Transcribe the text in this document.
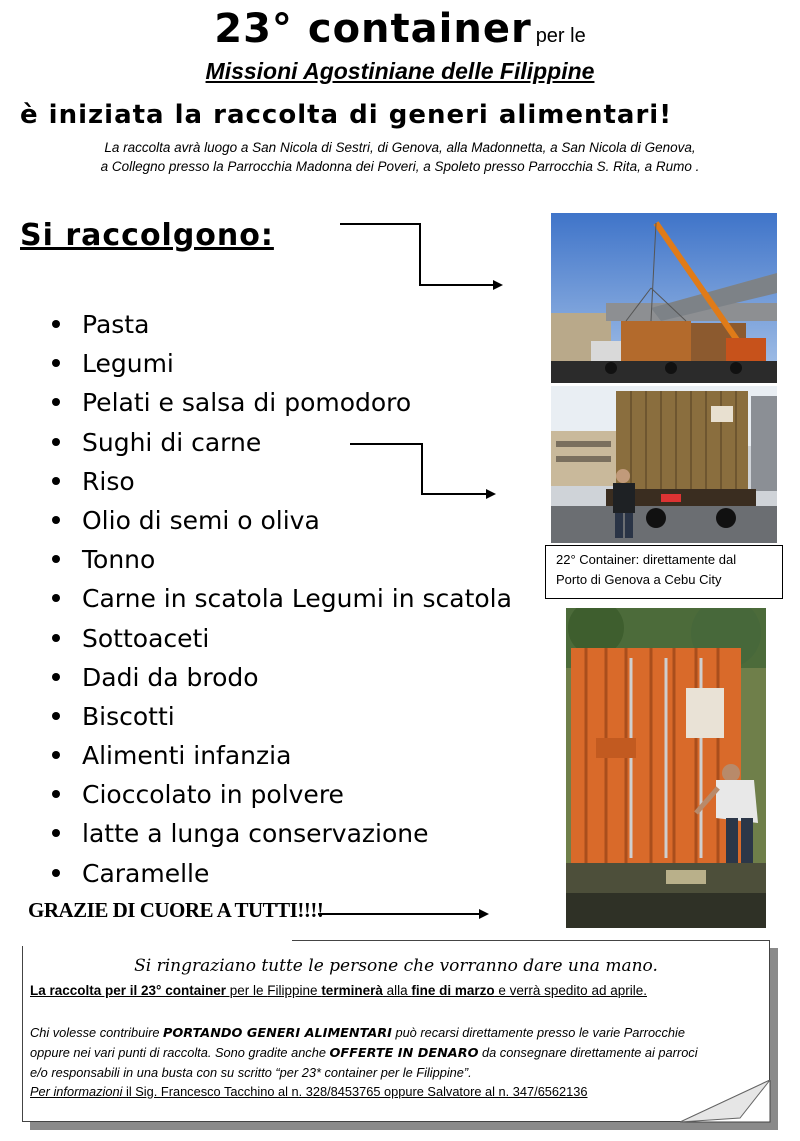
23° container per le
Missioni Agostiniane delle Filippine
è iniziata la raccolta di generi alimentari!
La raccolta avrà luogo a San Nicola di Sestri, di Genova, alla Madonnetta, a San Nicola di Genova,
a Collegno presso la Parrocchia Madonna dei Poveri, a Spoleto presso Parrocchia S. Rita, a Rumo .
Si raccolgono:
Pasta
Legumi
Pelati e salsa di pomodoro
Sughi di carne
Riso
Olio di semi o oliva
Tonno
Carne in scatola Legumi in scatola
Sottoaceti
Dadi da brodo
Biscotti
Alimenti infanzia
Cioccolato in polvere
latte a lunga conservazione
Caramelle
GRAZIE DI CUORE A TUTTI!!!!
22° Container: direttamente dal
Porto di Genova a Cebu City
Si ringraziano tutte le persone che vorranno dare una mano.
La raccolta per il 23° container per le Filippine terminerà alla fine di marzo e verrà spedito ad aprile.
Chi volesse contribuire PORTANDO GENERI ALIMENTARI può recarsi direttamente presso le varie Parrocchie
oppure nei vari punti di raccolta. Sono gradite anche OFFERTE IN DENARO da consegnare direttamente ai parroci
e/o responsabili in una busta con su scritto “per 23* container per le Filippine”.
Per informazioni il Sig. Francesco Tacchino al n. 328/8453765 oppure Salvatore al n. 347/6562136
